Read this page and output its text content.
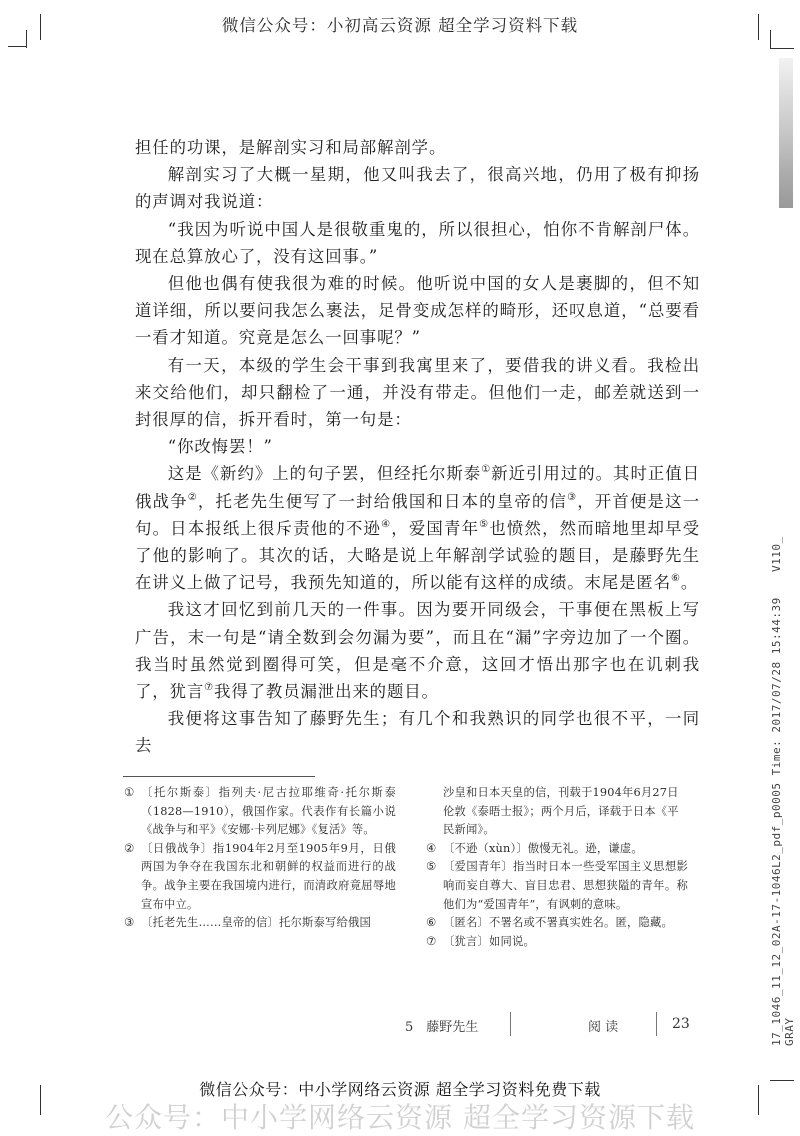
微信公众号：小初高云资源 超全学习资料下载

担任的功课，是解剖实习和局部解剖学。

解剖实习了大概一星期，他又叫我去了，很高兴地，仍用了极有抑扬的声调对我说道：

“我因为听说中国人是很敬重鬼的，所以很担心，怕你不肯解剖尸体。现在总算放心了，没有这回事。”

但他也偶有使我很为难的时候。他听说中国的女人是裹脚的，但不知道详细，所以要问我怎么裹法，足骨变成怎样的畸形，还叹息道，“总要看一看才知道。究竟是怎么一回事呢？”

有一天，本级的学生会干事到我寓里来了，要借我的讲义看。我检出来交给他们，却只翻检了一通，并没有带走。但他们一走，邮差就送到一封很厚的信，拆开看时，第一句是：

“你改悔罢！”

这是《新约》上的句子罢，但经托尔斯泰①新近引用过的。其时正值日俄战争②，托老先生便写了一封给俄国和日本的皇帝的信③，开首便是这一句。日本报纸上很斥责他的不逊④，爱国青年⑤也愤然，然而暗地里却早受了他的影响了。其次的话，大略是说上年解剖学试验的题目，是藤野先生在讲义上做了记号，我预先知道的，所以能有这样的成绩。末尾是匿名⑥。

我这才回忆到前几天的一件事。因为要开同级会，干事便在黑板上写广告，末一句是“请全数到会勿漏为要”，而且在“漏”字旁边加了一个圈。我当时虽然觉到圈得可笑，但是毫不介意，这回才悟出那字也在讥刺我了，犹言⑦我得了教员漏泄出来的题目。

我便将这事告知了藤野先生；有几个和我熟识的同学也很不平，一同去

① 〔托尔斯泰〕指列夫·尼古拉耶维奇·托尔斯泰（1828—1910），俄国作家。代表作有长篇小说《战争与和平》《安娜·卡列尼娜》《复活》等。
② 〔日俄战争〕指1904年2月至1905年9月，日俄两国为争夺在我国东北和朝鲜的权益而进行的战争。战争主要在我国境内进行，而清政府竟屈辱地宣布中立。
③ 〔托老先生……皇帝的信〕托尔斯泰写给俄国

沙皇和日本天皇的信，刊载于1904年6月27日伦敦《泰晤士报》；两个月后，译载于日本《平民新闻》。

④ 〔不逊（xùn）〕傲慢无礼。逊，谦虚。
⑤ 〔爱国青年〕指当时日本一些受军国主义思想影响而妄自尊大、盲目忠君、思想狭隘的青年。称他们为“爱国青年”，有讽刺的意味。
⑥ 〔匿名〕不署名或不署真实姓名。匿，隐藏。
⑦ 〔犹言〕如同说。
5　藤野先生	阅 读	23	17_1046_11_12_02A-17-1046L2_pdf_p0005 Time: 2017/07/28 15:44:39 GRAY
V110_
微信公众号：中小学网络云资源 超全学习资料免费下载
公众号：中小学网络云资源 超全学习资源下载
